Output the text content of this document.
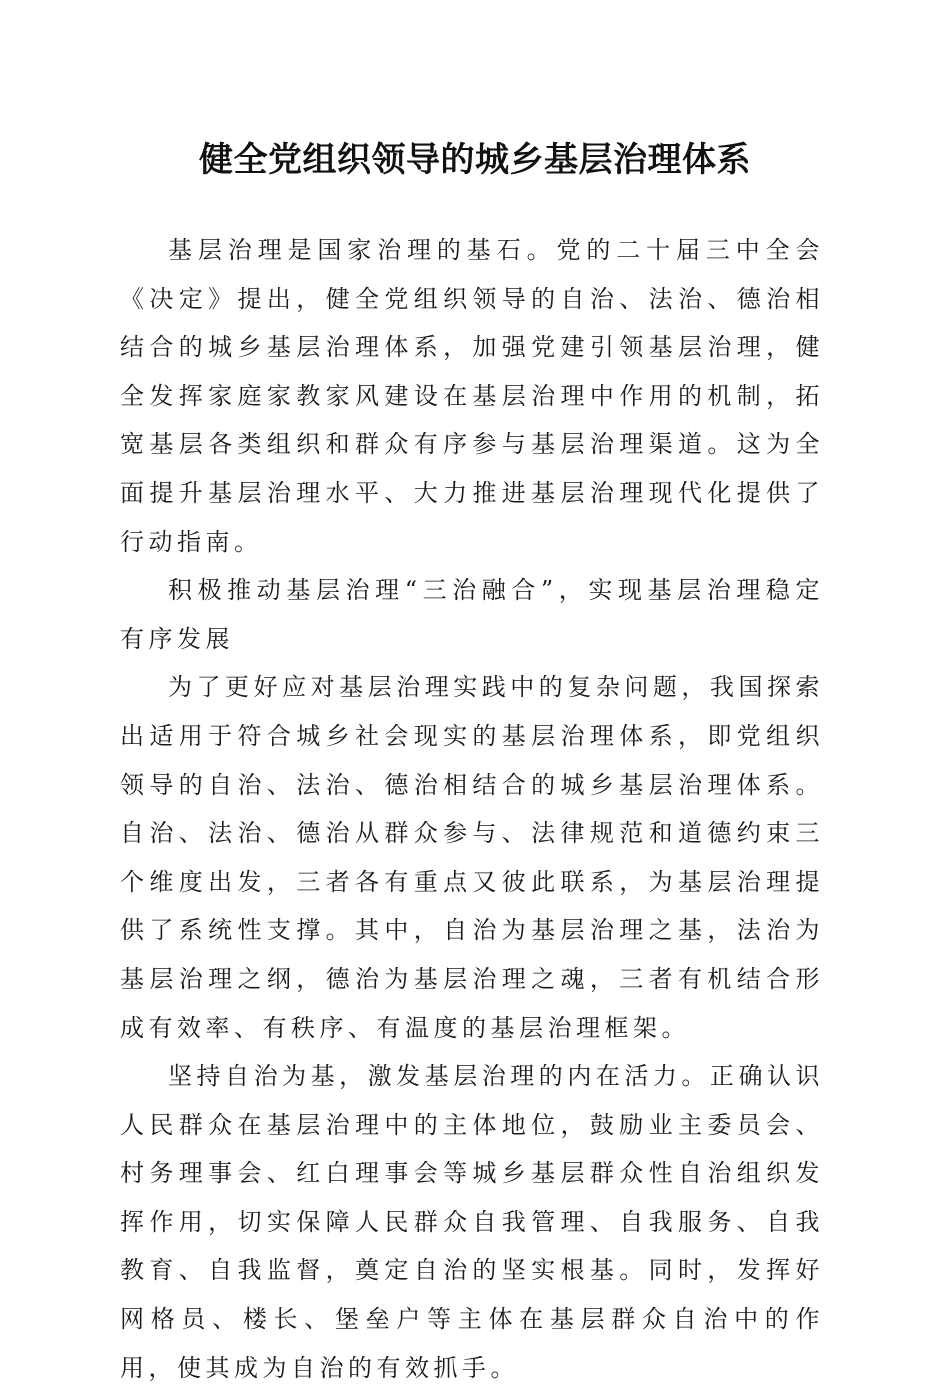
健全党组织领导的城乡基层治理体系

基层治理是国家治理的基石。党的二十届三中全会《决定》提出，健全党组织领导的自治、法治、德治相结合的城乡基层治理体系，加强党建引领基层治理，健全发挥家庭家教家风建设在基层治理中作用的机制，拓宽基层各类组织和群众有序参与基层治理渠道。这为全面提升基层治理水平、大力推进基层治理现代化提供了行动指南。

积极推动基层治理“三治融合”，实现基层治理稳定有序发展

为了更好应对基层治理实践中的复杂问题，我国探索出适用于符合城乡社会现实的基层治理体系，即党组织领导的自治、法治、德治相结合的城乡基层治理体系。自治、法治、德治从群众参与、法律规范和道德约束三个维度出发，三者各有重点又彼此联系，为基层治理提供了系统性支撑。其中，自治为基层治理之基，法治为基层治理之纲，德治为基层治理之魂，三者有机结合形成有效率、有秩序、有温度的基层治理框架。

坚持自治为基，激发基层治理的内在活力。正确认识人民群众在基层治理中的主体地位，鼓励业主委员会、村务理事会、红白理事会等城乡基层群众性自治组织发挥作用，切实保障人民群众自我管理、自我服务、自我教育、自我监督，奠定自治的坚实根基。同时，发挥好网格员、楼长、堡垒户等主体在基层群众自治中的作用，使其成为自治的有效抓手。
